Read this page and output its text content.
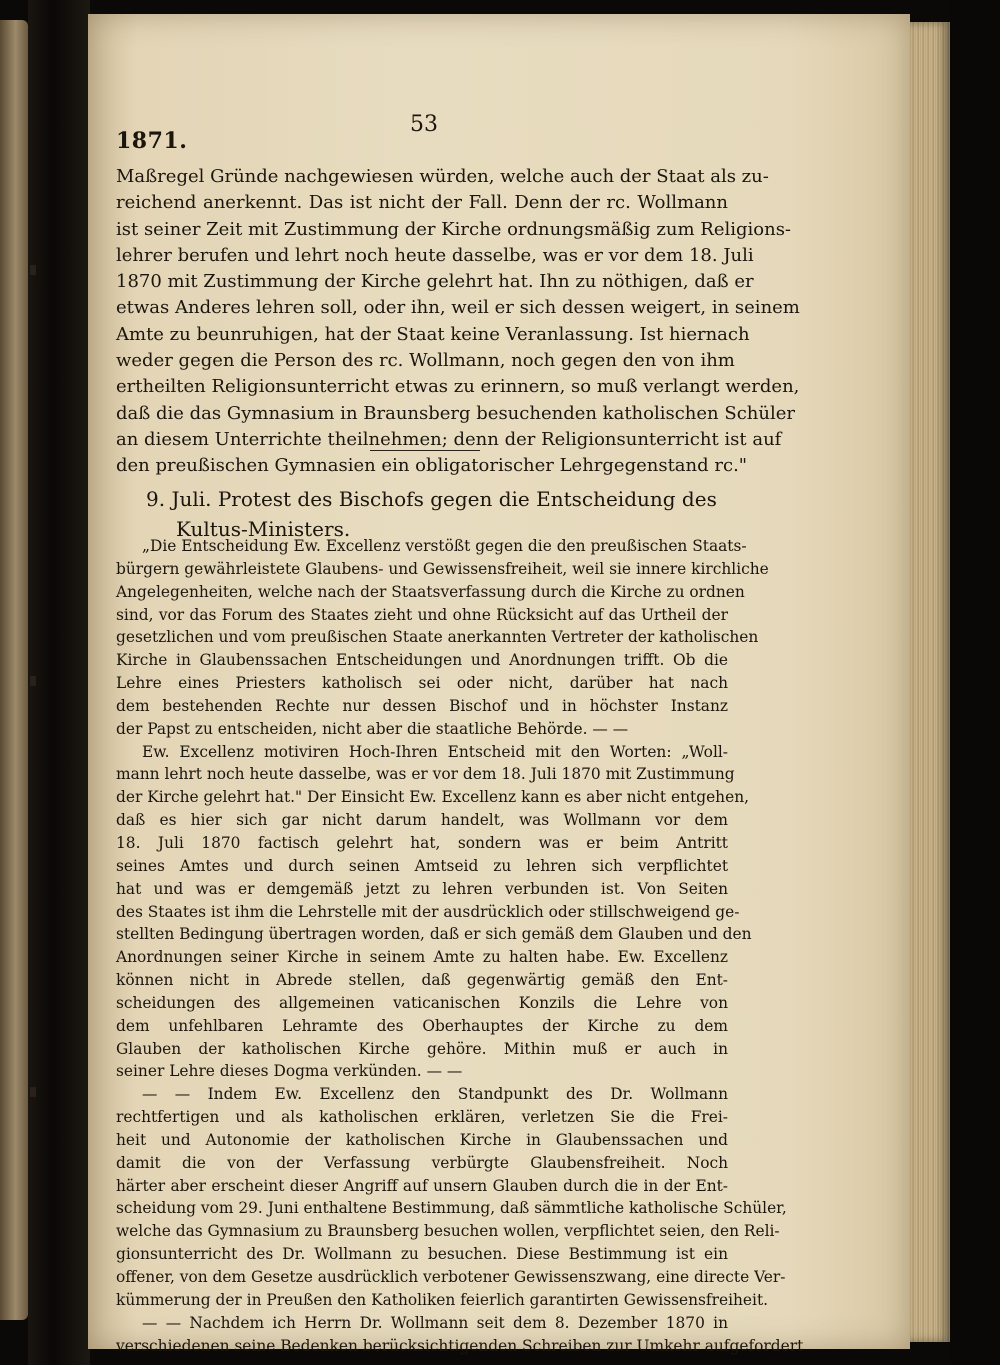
1871.
53
Maßregel Gründe nachgewiesen würden, welche auch der Staat als zu-
reichend anerkennt. Das ist nicht der Fall. Denn der rc. Wollmann
ist seiner Zeit mit Zustimmung der Kirche ordnungsmäßig zum Religions-
lehrer berufen und lehrt noch heute dasselbe, was er vor dem 18. Juli
1870 mit Zustimmung der Kirche gelehrt hat. Ihn zu nöthigen, daß er
etwas Anderes lehren soll, oder ihn, weil er sich dessen weigert, in seinem
Amte zu beunruhigen, hat der Staat keine Veranlassung. Ist hiernach
weder gegen die Person des rc. Wollmann, noch gegen den von ihm
ertheilten Religionsunterricht etwas zu erinnern, so muß verlangt werden,
daß die das Gymnasium in Braunsberg besuchenden katholischen Schüler
an diesem Unterrichte theilnehmen; denn der Religionsunterricht ist auf
den preußischen Gymnasien ein obligatorischer Lehrgegenstand rc."
9. Juli. Protest des Bischofs gegen die Entscheidung des
Kultus-Ministers.
„Die Entscheidung Ew. Excellenz verstößt gegen die den preußischen Staats-
bürgern gewährleistete Glaubens- und Gewissensfreiheit, weil sie innere kirchliche
Angelegenheiten, welche nach der Staatsverfassung durch die Kirche zu ordnen
sind, vor das Forum des Staates zieht und ohne Rücksicht auf das Urtheil der
gesetzlichen und vom preußischen Staate anerkannten Vertreter der katholischen
Kirche in Glaubenssachen Entscheidungen und Anordnungen trifft. Ob die
Lehre eines Priesters katholisch sei oder nicht, darüber hat nach
dem bestehenden Rechte nur dessen Bischof und in höchster Instanz
der Papst zu entscheiden, nicht aber die staatliche Behörde. — —
Ew. Excellenz motiviren Hoch-Ihren Entscheid mit den Worten: „Woll-
mann lehrt noch heute dasselbe, was er vor dem 18. Juli 1870 mit Zustimmung
der Kirche gelehrt hat." Der Einsicht Ew. Excellenz kann es aber nicht entgehen,
daß es hier sich gar nicht darum handelt, was Wollmann vor dem
18. Juli 1870 factisch gelehrt hat, sondern was er beim Antritt
seines Amtes und durch seinen Amtseid zu lehren sich verpflichtet
hat und was er demgemäß jetzt zu lehren verbunden ist. Von Seiten
des Staates ist ihm die Lehrstelle mit der ausdrücklich oder stillschweigend ge-
stellten Bedingung übertragen worden, daß er sich gemäß dem Glauben und den
Anordnungen seiner Kirche in seinem Amte zu halten habe. Ew. Excellenz
können nicht in Abrede stellen, daß gegenwärtig gemäß den Ent-
scheidungen des allgemeinen vaticanischen Konzils die Lehre von
dem unfehlbaren Lehramte des Oberhauptes der Kirche zu dem
Glauben der katholischen Kirche gehöre. Mithin muß er auch in
seiner Lehre dieses Dogma verkünden. — —
— — Indem Ew. Excellenz den Standpunkt des Dr. Wollmann
rechtfertigen und als katholischen erklären, verletzen Sie die Frei-
heit und Autonomie der katholischen Kirche in Glaubenssachen und
damit die von der Verfassung verbürgte Glaubensfreiheit. Noch
härter aber erscheint dieser Angriff auf unsern Glauben durch die in der Ent-
scheidung vom 29. Juni enthaltene Bestimmung, daß sämmtliche katholische Schüler,
welche das Gymnasium zu Braunsberg besuchen wollen, verpflichtet seien, den Reli-
gionsunterricht des Dr. Wollmann zu besuchen. Diese Bestimmung ist ein
offener, von dem Gesetze ausdrücklich verbotener Gewissenszwang, eine directe Ver-
kümmerung der in Preußen den Katholiken feierlich garantirten Gewissensfreiheit.
— — Nachdem ich Herrn Dr. Wollmann seit dem 8. Dezember 1870 in
verschiedenen seine Bedenken berücksichtigenden Schreiben zur Umkehr aufgefordert
